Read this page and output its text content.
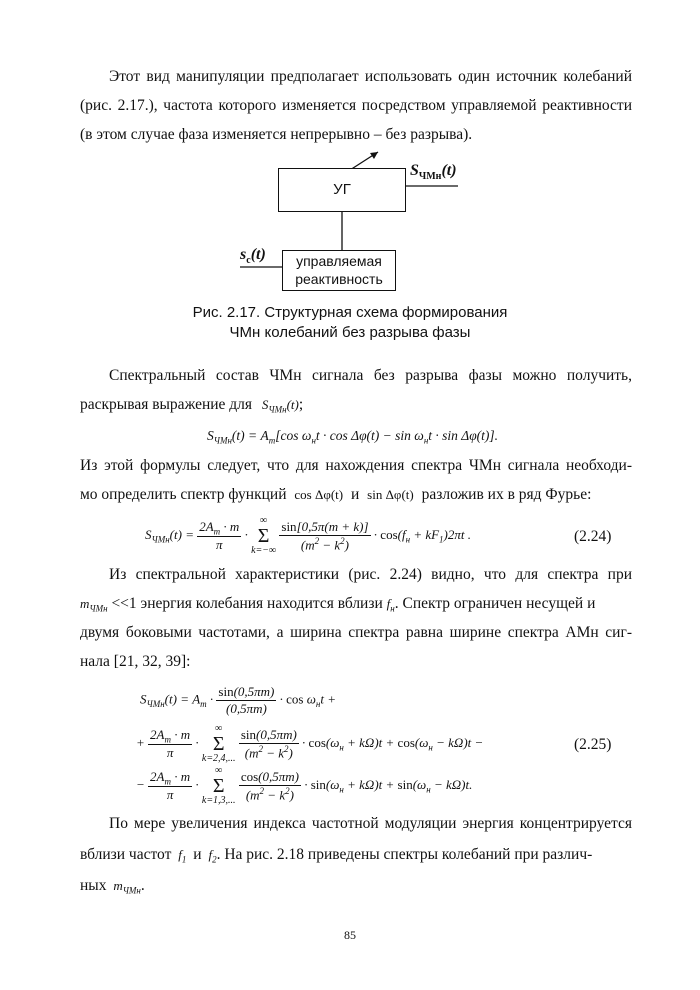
Этот вид манипуляции предполагает использовать один источник колебаний (рис. 2.17.), частота которого изменяется посредством управляемой реактивности (в этом случае фаза изменяется непрерывно – без разрыва).
УГ
$S_{ЧМн}(t)$
управляемая
реактивность
$s_с(t)$
Рис. 2.17. Структурная схема формирования
ЧМн колебаний без разрыва фазы
Спектральный состав ЧМн сигнала без разрыва фазы можно получить,
раскрывая выражение для $S_{ЧМн}(t)$;
$S_{ЧМн}(t) = A_m[\cos$ $\omega_нt \cdot \cos \Delta\varphi(t) - \sin \omega_нt \cdot \sin \Delta\varphi(t)$].
Из этой формулы следует, что для нахождения спектра ЧМн сигнала необходи-
мо определить спектр функций cos Δφ(t) и sin Δφ(t) разложив их в ряд Фурье:
$S_{ЧМн}(t) = \frac{2A_m \cdot m}{\pi}$ · ∞
Σ
$k=-\infty \frac{\sin[0,5\pi(m + k)]}{(m^2 - k^2)} \cdot \cos(f_н + kF_1)2\pi t$ .	(2.24)
Из спектральной характеристики (рис. 2.24) видно, что для спектра при
$m_{ЧМн} <<1$ энергия колебания находится вблизи $f_н$. Спектр ограничен несущей и
двумя боковыми частотами, а ширина спектра равна ширине спектра АМн сиг-
нала [21, 32, 39]:
$S_{ЧМн}(t) = A_m \cdot \frac{\sin(0,5\pi m)}{(0,5\pi m)} \cdot \cos \omega_нt$ +
+ $\frac{2A_m \cdot m}{\pi}$ · ∞
Σ
k=2,4,... $\frac{\sin(0,5\pi m)}{(m^2 - k^2)} \cdot \cos(\omega_н + k\Omega)t + \cos(\omega_н - k\Omega)t$ −
− $\frac{2A_m \cdot m}{\pi}$ · ∞
Σ
k=1,3,... $\frac{\cos(0,5\pi m)}{(m^2 - k^2)} \cdot \sin(\omega_н + k\Omega)t + \sin(\omega_н - k\Omega)t$.
(2.25)
По мере увеличения индекса частотной модуляции энергия концентрируется
вблизи частот $f_1$ и $f_2$. На рис. 2.18 приведены спектры колебаний при различ-
ных $m_{ЧМн}$.
85
